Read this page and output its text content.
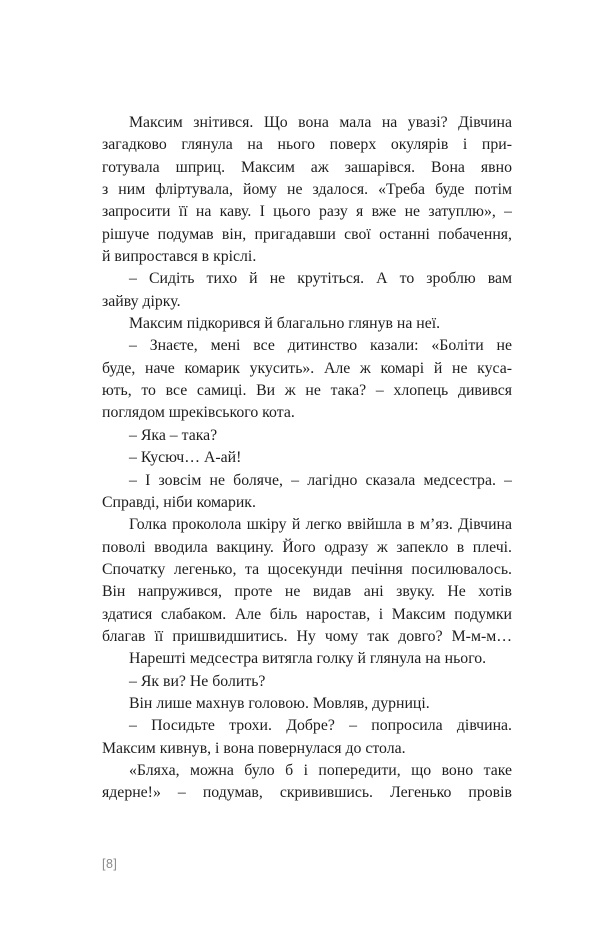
Максим знітився. Що вона мала на увазі? Дівчина
загадково глянула на нього поверх окулярів і при-
готувала шприц. Максим аж зашарівся. Вона явно
з ним фліртувала, йому не здалося. «Треба буде потім
запросити її на каву. І цього разу я вже не затуплю», –
рішуче подумав він, пригадавши свої останні побачення,
й випростався в кріслі.
– Сидіть тихо й не крутіться. А то зроблю вам
зайву дірку.
Максим підкорився й благально глянув на неї.
– Знаєте, мені все дитинство казали: «Боліти не
буде, наче комарик укусить». Але ж комарі й не куса-
ють, то все самиці. Ви ж не така? – хлопець дивився
поглядом шреківського кота.
– Яка – така?
– Кусюч… А-ай!
– І зовсім не боляче, – лагідно сказала медсестра. –
Справді, ніби комарик.
Голка проколола шкіру й легко ввійшла в м’яз. Дівчина
поволі вводила вакцину. Його одразу ж запекло в плечі.
Спочатку легенько, та щосекунди печіння посилювалось.
Він напружився, проте не видав ані звуку. Не хотів
здатися слабаком. Але біль наростав, і Максим подумки
благав її пришвидшитись. Ну чому так довго? М-м-м…
Нарешті медсестра витягла голку й глянула на нього.
– Як ви? Не болить?
Він лише махнув головою. Мовляв, дурниці.
– Посидьте трохи. Добре? – попросила дівчина.
Максим кивнув, і вона повернулася до стола.
«Бляха, можна було б і попередити, що воно таке
ядерне!» – подумав, скривившись. Легенько провів
[8]
